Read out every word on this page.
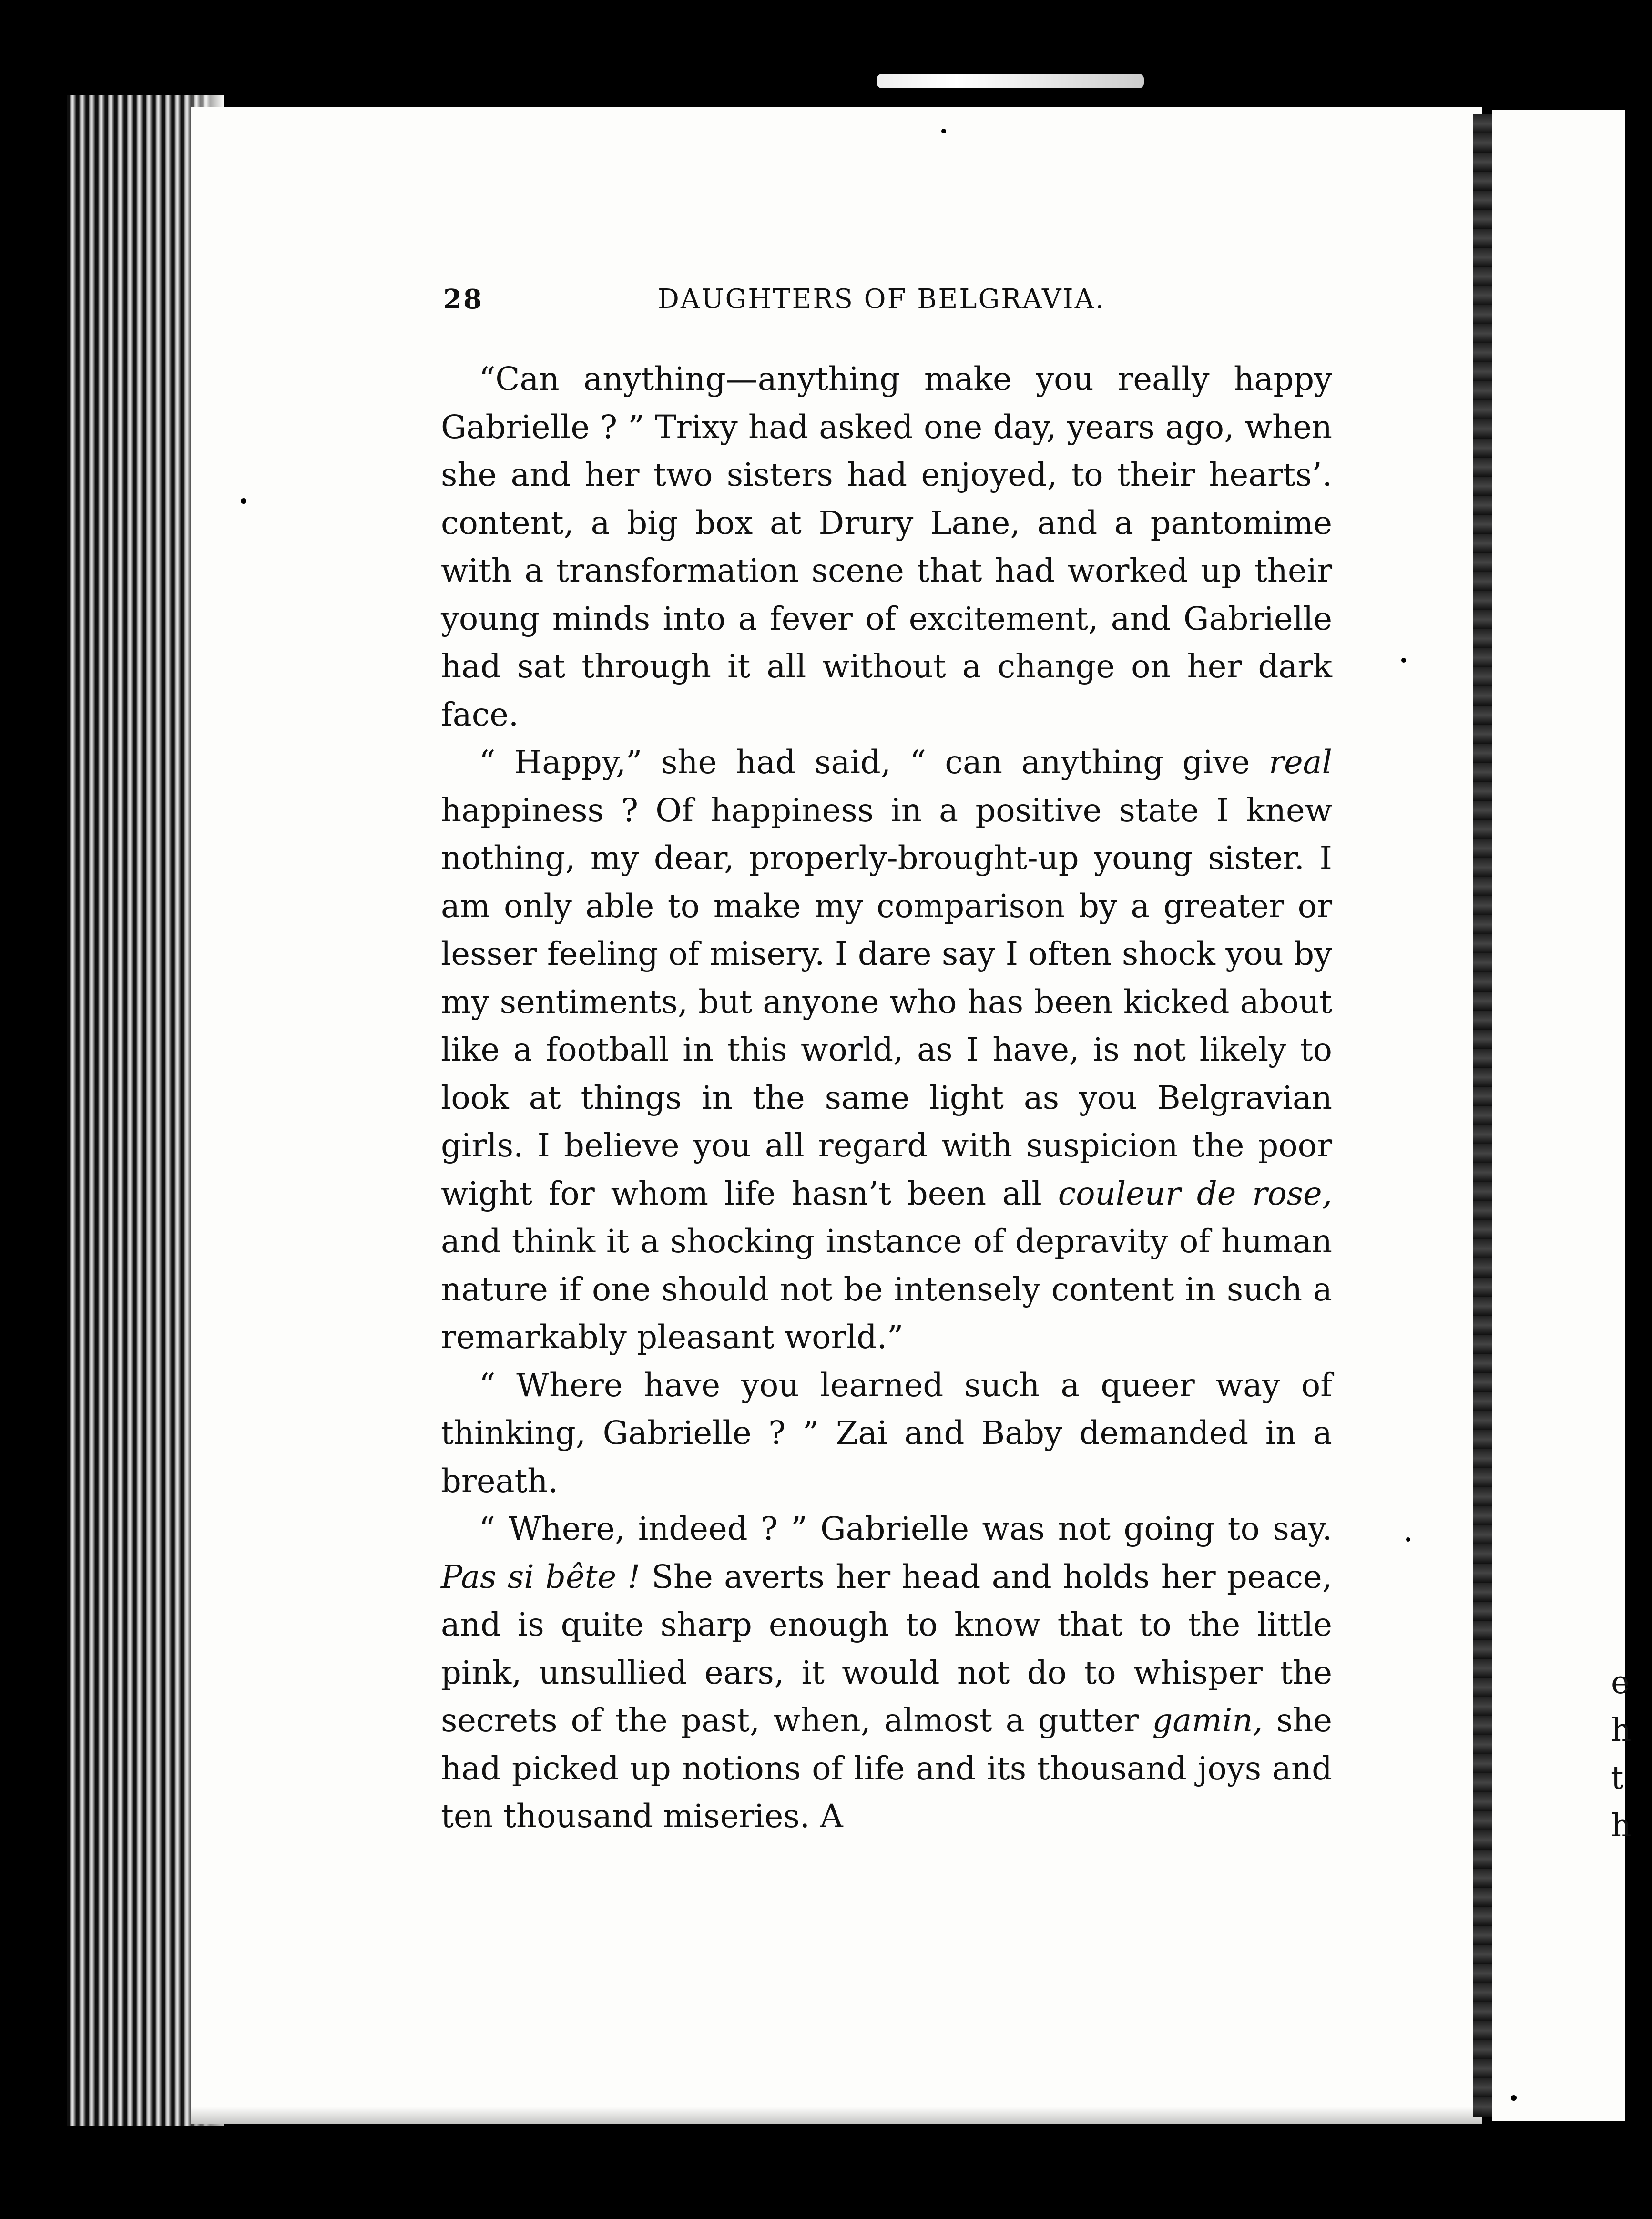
28	DAUGHTERS OF BELGRAVIA.

“Can anything—anything make you really happy Gabrielle ? ” Trixy had asked one day, years ago, when she and her two sisters had enjoyed, to their hearts’. content, a big box at Drury Lane, and a pantomime with a transformation scene that had worked up their young minds into a fever of excitement, and Gabrielle had sat through it all without a change on her dark face.

“ Happy,” she had said, “ can anything give real happiness ? Of happiness in a positive state I knew nothing, my dear, properly-brought-up young sister. I am only able to make my comparison by a greater or lesser feeling of misery. I dare say I often shock you by my sentiments, but anyone who has been kicked about like a football in this world, as I have, is not likely to look at things in the same light as you Belgravian girls. I believe you all regard with suspicion the poor wight for whom life hasn’t been all couleur de rose, and think it a shocking instance of depravity of human nature if one should not be intensely content in such a remarkably pleasant world.”

“ Where have you learned such a queer way of thinking, Gabrielle ? ” Zai and Baby demanded in a breath.

“ Where, indeed ? ” Gabrielle was not going to say. Pas si bête ! She averts her head and holds her peace, and is quite sharp enough to know that to the little pink, unsullied ears, it would not do to whisper the secrets of the past, when, almost a gutter gamin, she had picked up notions of life and its thousand joys and ten thousand miseries. A

e
h
t
h
